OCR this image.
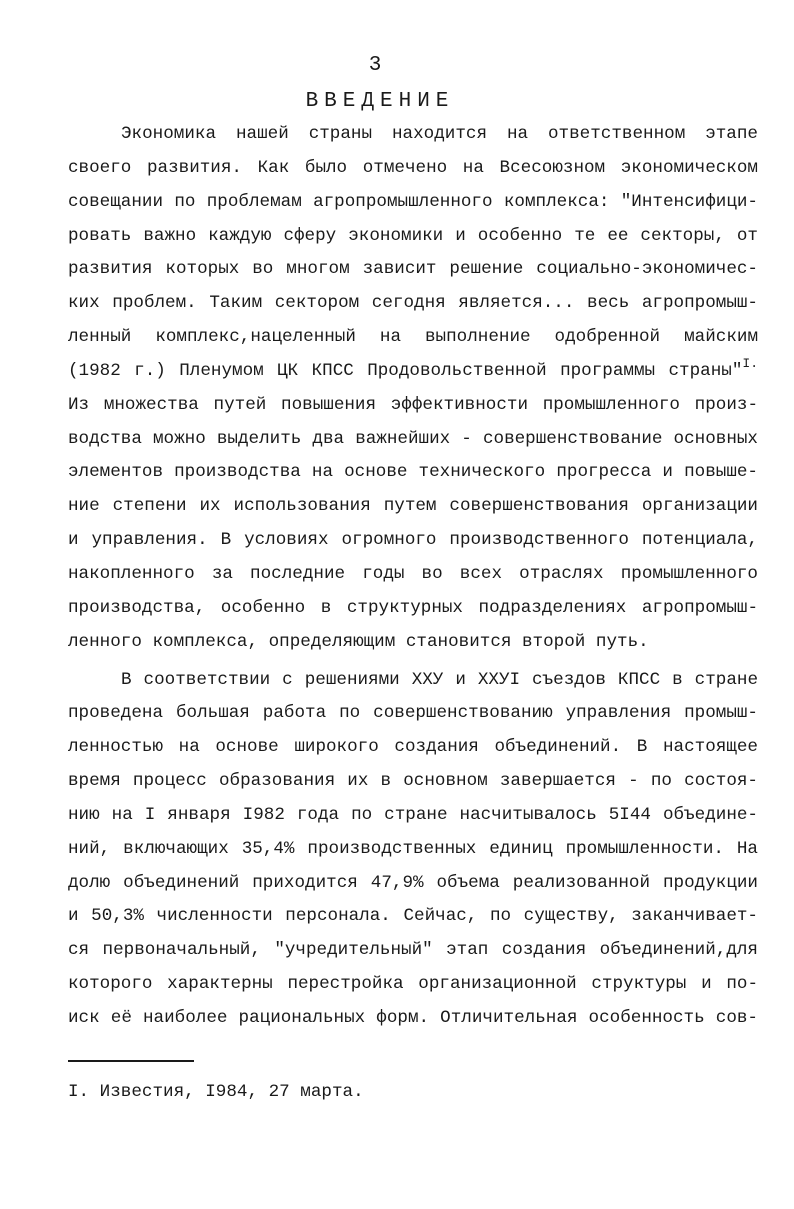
3
ВВЕДЕНИЕ
Экономика нашей страны находится на ответственном этапе
своего развития. Как было отмечено на Всесоюзном экономическом
совещании по проблемам агропромышленного комплекса: "Интенсифици-
ровать важно каждую сферу экономики и особенно те ее секторы, от
развития которых во многом зависит решение социально-экономичес-
ких проблем. Таким сектором сегодня является... весь агропромыш-
ленный комплекс,нацеленный на выполнение одобренной майским
(1982 г.) Пленумом ЦК КПСС Продовольственной программы страны"$^{I.}$
Из множества путей повышения эффективности промышленного произ-
водства можно выделить два важнейших - совершенствование основных
элементов производства на основе технического прогресса и повыше-
ние степени их использования путем совершенствования организации
и управления. В условиях огромного производственного потенциала,
накопленного за последние годы во всех отраслях промышленного
производства, особенно в структурных подразделениях агропромыш-
ленного комплекса, определяющим становится второй путь.
В соответствии с решениями ХХУ и ХХУI съездов КПСС в стране
проведена большая работа по совершенствованию управления промыш-
ленностью на основе широкого создания объединений. В настоящее
время процесс образования их в основном завершается - по состоя-
нию на I января I982 года по стране насчитывалось 5I44 объедине-
ний, включающих 35,4% производственных единиц промышленности. На
долю объединений приходится 47,9% объема реализованной продукции
и 50,3% численности персонала. Сейчас, по существу, заканчивает-
ся первоначальный, "учредительный" этап создания объединений,для
которого характерны перестройка организационной структуры и по-
иск её наиболее рациональных форм. Отличительная особенность сов-
I. Известия, I984, 27 марта.
